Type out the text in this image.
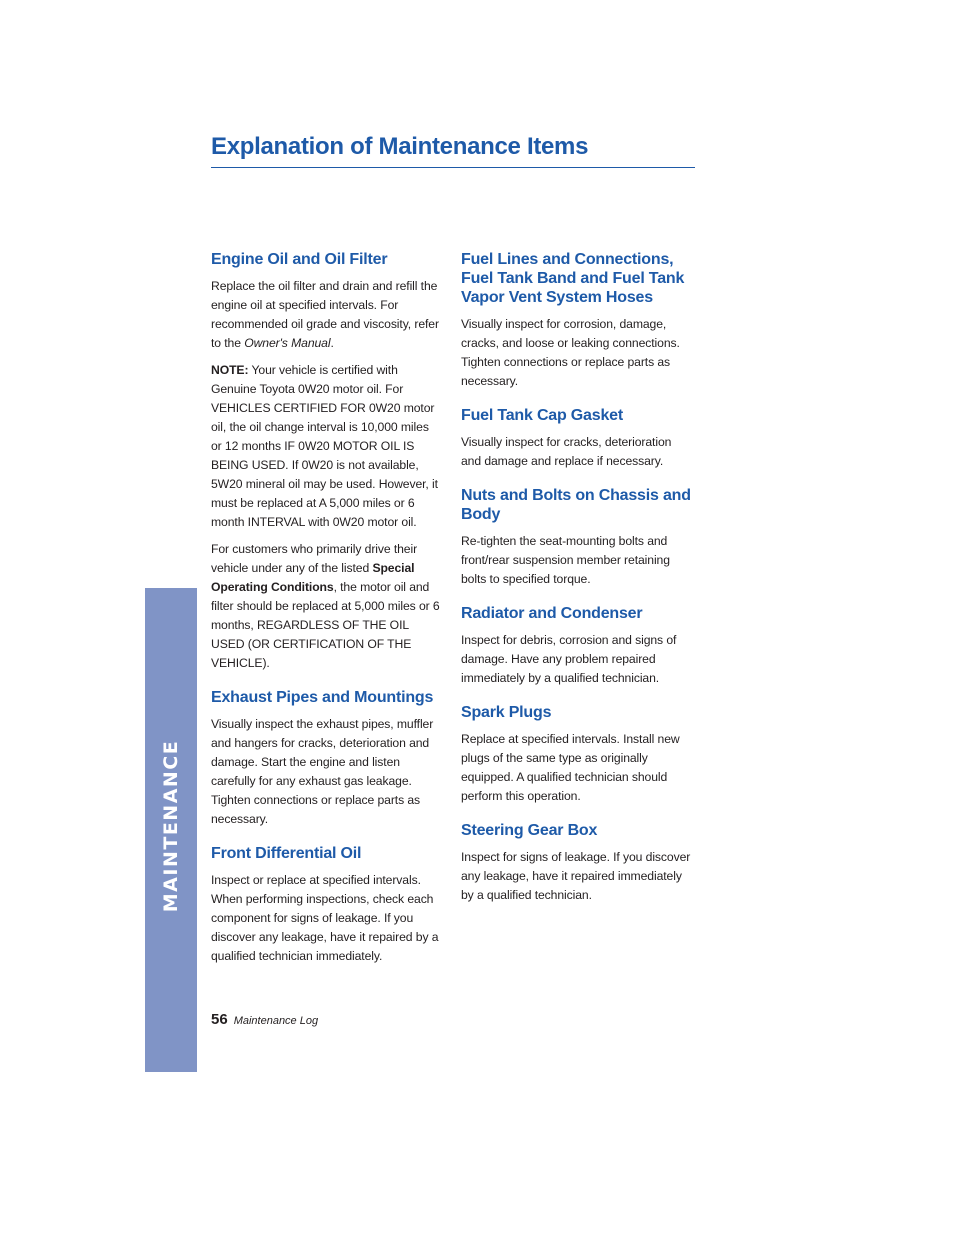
Explanation of Maintenance Items
MAINTENANCE
Engine Oil and Oil Filter

Replace the oil filter and drain and refill the engine oil at specified intervals. For recommended oil grade and viscosity, refer to the Owner's Manual.

NOTE: Your vehicle is certified with Genuine Toyota 0W20 motor oil. For VEHICLES CERTIFIED FOR 0W20 motor oil, the oil change interval is 10,000 miles or 12 months IF 0W20 MOTOR OIL IS BEING USED. If 0W20 is not available, 5W20 mineral oil may be used. However, it must be replaced at A 5,000 miles or 6 month INTERVAL with 0W20 motor oil.

For customers who primarily drive their vehicle under any of the listed Special Operating Conditions, the motor oil and filter should be replaced at 5,000 miles or 6 months, REGARDLESS OF THE OIL USED (OR CERTIFICATION OF THE VEHICLE).

Exhaust Pipes and Mountings

Visually inspect the exhaust pipes, muffler and hangers for cracks, deterioration and damage. Start the engine and listen carefully for any exhaust gas leakage. Tighten connections or replace parts as necessary.

Front Differential Oil

Inspect or replace at specified intervals. When performing inspections, check each component for signs of leakage. If you discover any leakage, have it repaired by a qualified technician immediately.

Fuel Lines and Connections, Fuel Tank Band and Fuel Tank Vapor Vent System Hoses

Visually inspect for corrosion, damage, cracks, and loose or leaking connections. Tighten connections or replace parts as necessary.

Fuel Tank Cap Gasket

Visually inspect for cracks, deterioration and damage and replace if necessary.

Nuts and Bolts on Chassis and Body

Re-tighten the seat-mounting bolts and front/rear suspension member retaining bolts to specified torque.

Radiator and Condenser

Inspect for debris, corrosion and signs of damage. Have any problem repaired immediately by a qualified technician.

Spark Plugs

Replace at specified intervals. Install new plugs of the same type as originally equipped. A qualified technician should perform this operation.

Steering Gear Box

Inspect for signs of leakage. If you discover any leakage, have it repaired immediately by a qualified technician.

56 Maintenance Log
